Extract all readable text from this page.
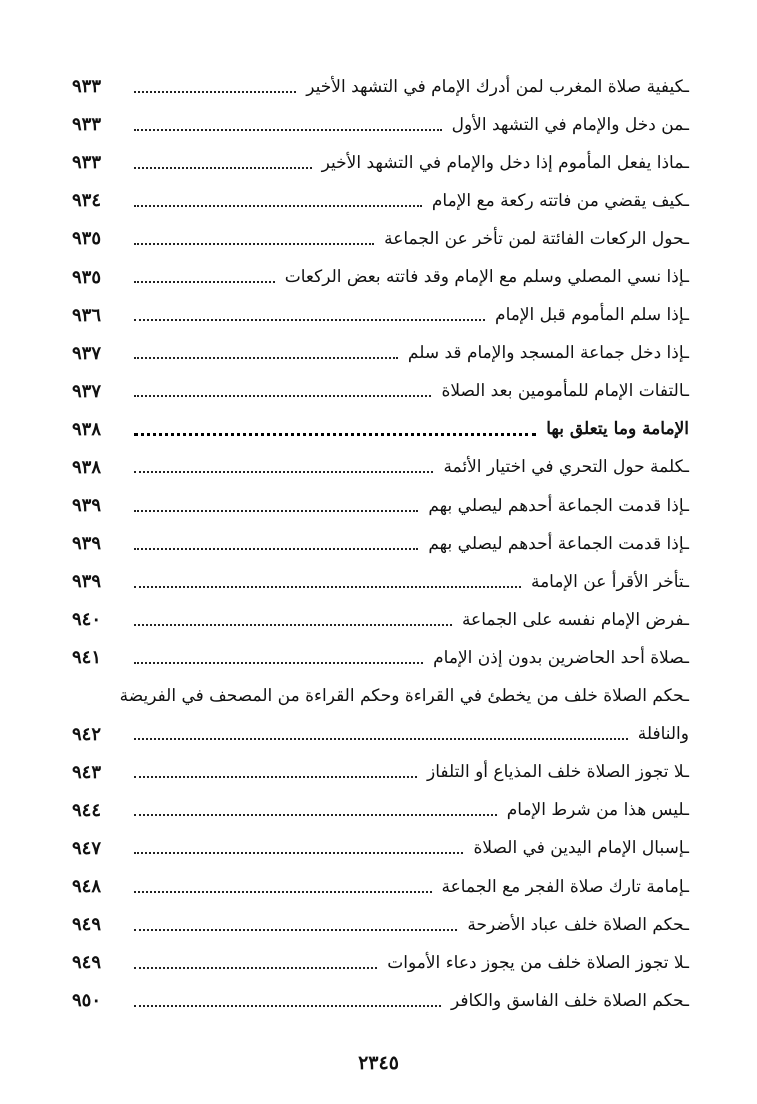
ـكيفية صلاة المغرب لمن أدرك الإمام في التشهد الأخير
٩٣٣
ـمن دخل والإمام في التشهد الأول
٩٣٣
ـماذا يفعل المأموم إذا دخل والإمام في التشهد الأخير
٩٣٣
ـكيف يقضي من فاتته ركعة مع الإمام
٩٣٤
ـحول الركعات الفائتة لمن تأخر عن الجماعة
٩٣٥
ـإذا نسي المصلي وسلم مع الإمام وقد فاتته بعض الركعات
٩٣٥
ـإذا سلم المأموم قبل الإمام
٩٣٦
ـإذا دخل جماعة المسجد والإمام قد سلم
٩٣٧
ـالتفات الإمام للمأمومين بعد الصلاة
٩٣٧
الإمامة وما يتعلق بها
٩٣٨
ـكلمة حول التحري في اختيار الأئمة
٩٣٨
ـإذا قدمت الجماعة أحدهم ليصلي بهم
٩٣٩
ـإذا قدمت الجماعة أحدهم ليصلي بهم
٩٣٩
ـتأخر الأقرأ عن الإمامة
٩٣٩
ـفرض الإمام نفسه على الجماعة
٩٤٠
ـصلاة أحد الحاضرين بدون إذن الإمام
٩٤١
ـحكم الصلاة خلف من يخطئ في القراءة وحكم القراءة من المصحف في الفريضة
والنافلة
٩٤٢
ـلا تجوز الصلاة خلف المذياع أو التلفاز
٩٤٣
ـليس هذا من شرط الإمام
٩٤٤
ـإسبال الإمام اليدين في الصلاة
٩٤٧
ـإمامة تارك صلاة الفجر مع الجماعة
٩٤٨
ـحكم الصلاة خلف عباد الأضرحة
٩٤٩
ـلا تجوز الصلاة خلف من يجوز دعاء الأموات
٩٤٩
ـحكم الصلاة خلف الفاسق والكافر
٩٥٠
٢٣٤٥
